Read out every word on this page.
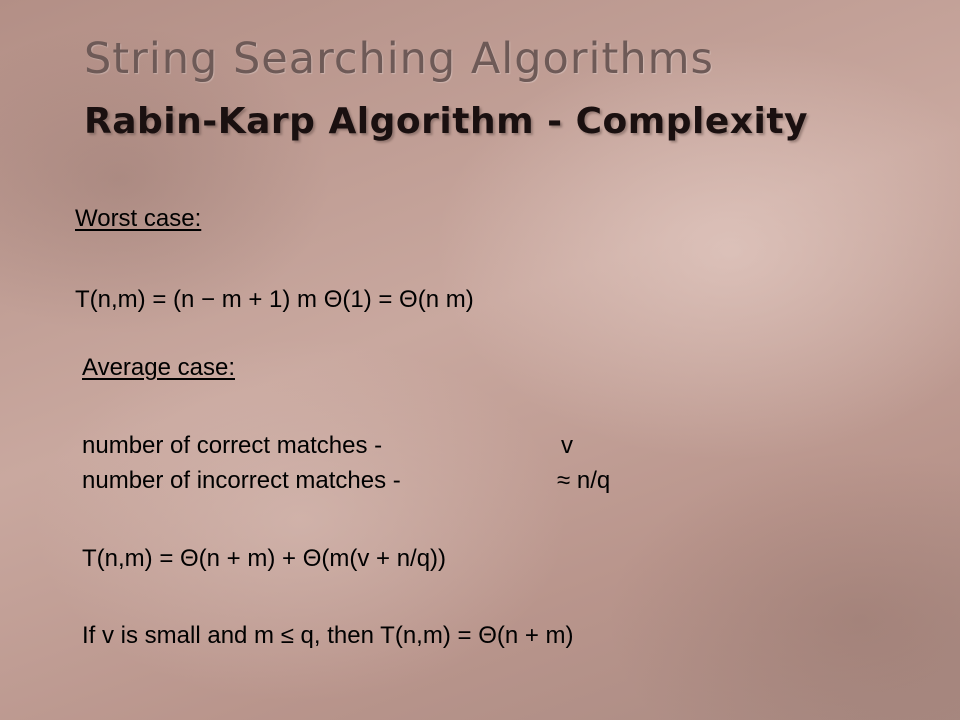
String Searching Algorithms
Rabin-Karp Algorithm - Complexity
Worst case:
T(n,m) = (n − m + 1) m Θ(1) = Θ(n m)
Average case:
number of correct matches -	v
number of incorrect matches -	≈ n/q
T(n,m) = Θ(n + m) + Θ(m(v + n/q))
If v is small and m ≤ q, then T(n,m) = Θ(n + m)
